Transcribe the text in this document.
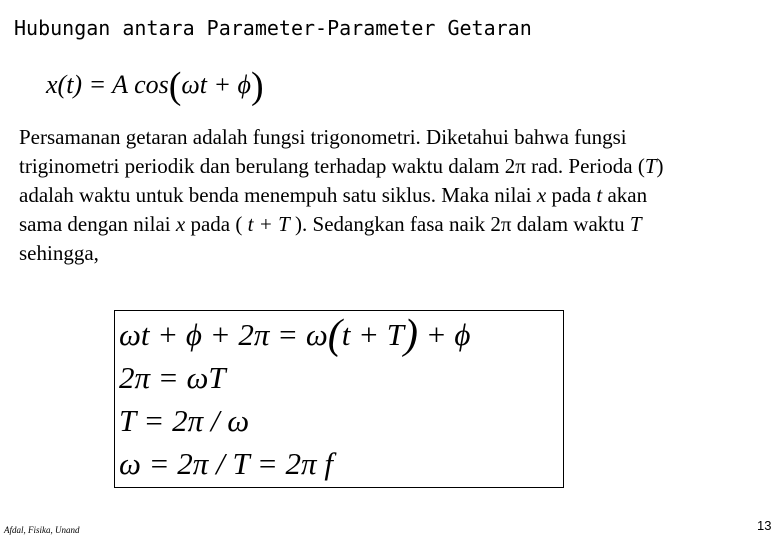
Hubungan antara Parameter-Parameter Getaran
x(t) = A cos(ωt + ϕ)

Persamanan getaran adalah fungsi trigonometri. Diketahui bahwa fungsi

triginometri periodik dan berulang terhadap waktu dalam 2π rad. Perioda (T)

adalah waktu untuk benda menempuh satu siklus. Maka nilai x pada t akan

sama dengan nilai x pada ( t + T ). Sedangkan fasa naik 2π dalam waktu T

sehingga,

ωt + ϕ + 2π = ω(t + T) + ϕ
2π = ωT
T = 2π / ω
ω = 2π / T = 2π f
Afdal, Fisika, Unand	13
